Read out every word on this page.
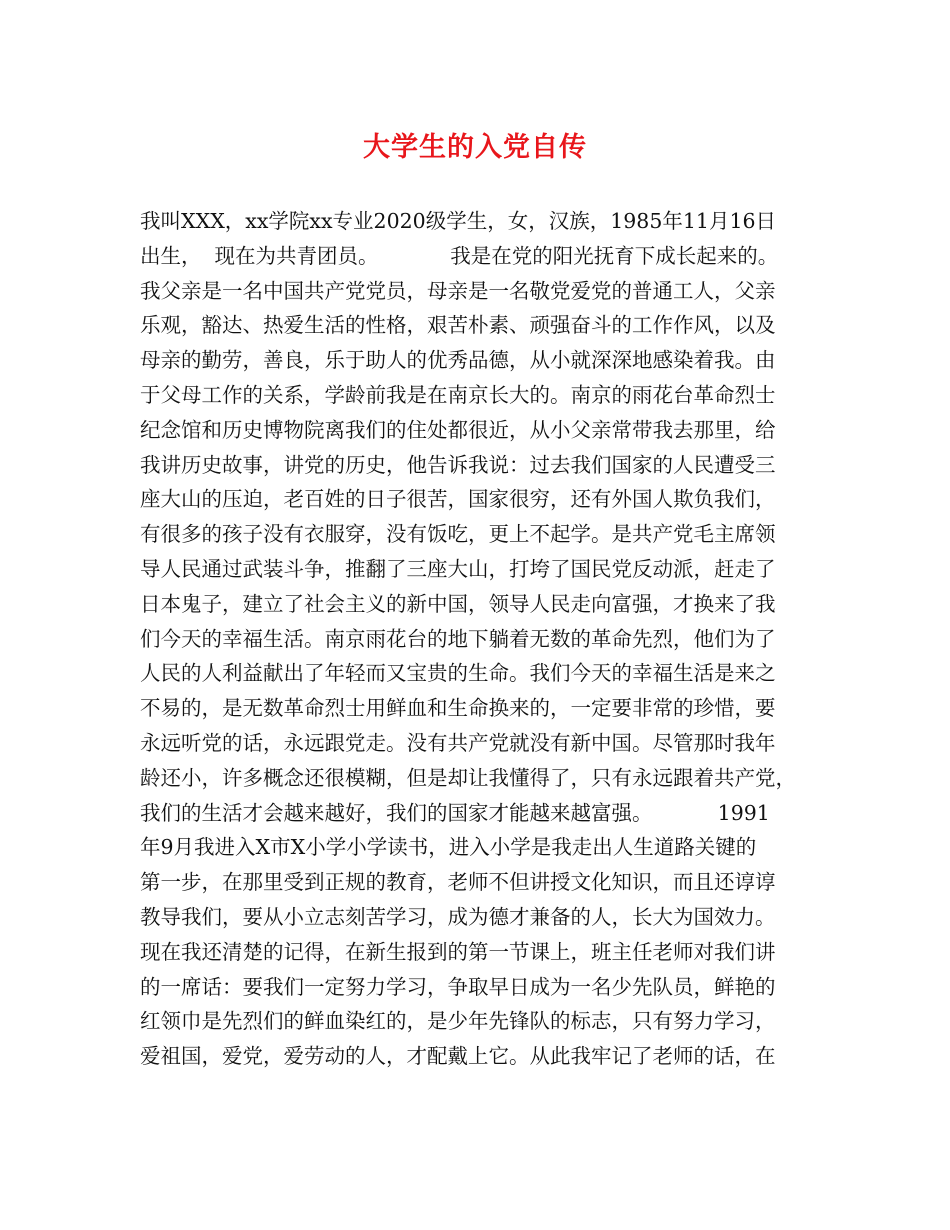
大学生的入党自传
我叫XXX，xx学院xx专业2020级学生，女，汉族，1985年11月16日
出生，  现在为共青团员。           我是在党的阳光抚育下成长起来的。
我父亲是一名中国共产党党员，母亲是一名敬党爱党的普通工人，父亲
乐观，豁达、热爱生活的性格，艰苦朴素、顽强奋斗的工作作风，以及
母亲的勤劳，善良，乐于助人的优秀品德，从小就深深地感染着我。由
于父母工作的关系，学龄前我是在南京长大的。南京的雨花台革命烈士
纪念馆和历史博物院离我们的住处都很近，从小父亲常带我去那里，给
我讲历史故事，讲党的历史，他告诉我说：过去我们国家的人民遭受三
座大山的压迫，老百姓的日子很苦，国家很穷，还有外国人欺负我们，
有很多的孩子没有衣服穿，没有饭吃，更上不起学。是共产党毛主席领
导人民通过武装斗争，推翻了三座大山，打垮了国民党反动派，赶走了
日本鬼子，建立了社会主义的新中国，领导人民走向富强，才换来了我
们今天的幸福生活。南京雨花台的地下躺着无数的革命先烈，他们为了
人民的人利益献出了年轻而又宝贵的生命。我们今天的幸福生活是来之
不易的，是无数革命烈士用鲜血和生命换来的，一定要非常的珍惜，要
永远听党的话，永远跟党走。没有共产党就没有新中国。尽管那时我年
龄还小，许多概念还很模糊，但是却让我懂得了，只有永远跟着共产党，
我们的生活才会越来越好，我们的国家才能越来越富强。          1991
年9月我进入X市X小学小学读书，进入小学是我走出人生道路关键的
第一步，在那里受到正规的教育，老师不但讲授文化知识，而且还谆谆
教导我们，要从小立志刻苦学习，成为德才兼备的人，长大为国效力。
现在我还清楚的记得，在新生报到的第一节课上，班主任老师对我们讲
的一席话：要我们一定努力学习，争取早日成为一名少先队员，鲜艳的
红领巾是先烈们的鲜血染红的，是少年先锋队的标志，只有努力学习，
爱祖国，爱党，爱劳动的人，才配戴上它。从此我牢记了老师的话，在
